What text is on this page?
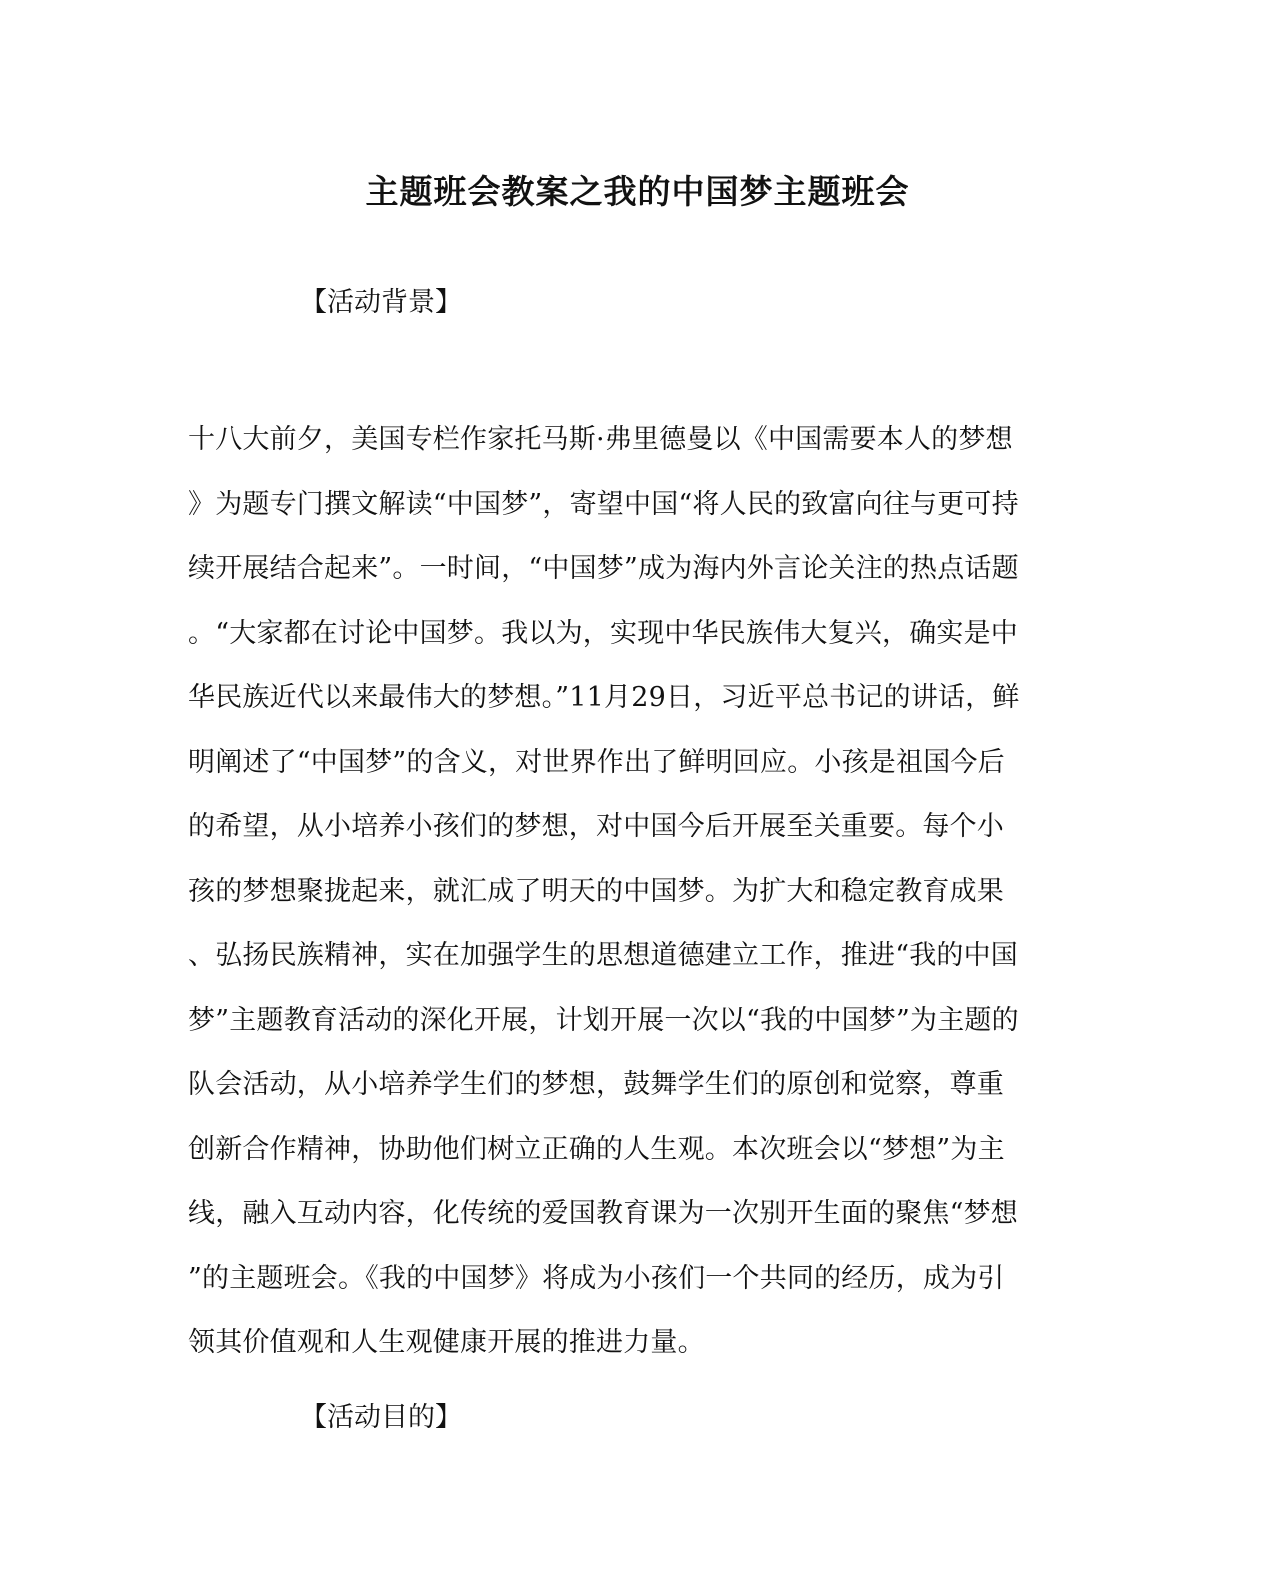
主题班会教案之我的中国梦主题班会
【活动背景】
十八大前夕，美国专栏作家托马斯·弗里德曼以《中国需要本人的梦想
》为题专门撰文解读“中国梦”，寄望中国“将人民的致富向往与更可持
续开展结合起来”。一时间，“中国梦”成为海内外言论关注的热点话题
。“大家都在讨论中国梦。我以为，实现中华民族伟大复兴，确实是中
华民族近代以来最伟大的梦想。”11月29日，习近平总书记的讲话，鲜
明阐述了“中国梦”的含义，对世界作出了鲜明回应。小孩是祖国今后
的希望，从小培养小孩们的梦想，对中国今后开展至关重要。每个小
孩的梦想聚拢起来，就汇成了明天的中国梦。为扩大和稳定教育成果
、弘扬民族精神，实在加强学生的思想道德建立工作，推进“我的中国
梦”主题教育活动的深化开展，计划开展一次以“我的中国梦”为主题的
队会活动，从小培养学生们的梦想，鼓舞学生们的原创和觉察，尊重
创新合作精神，协助他们树立正确的人生观。本次班会以“梦想”为主
线，融入互动内容，化传统的爱国教育课为一次别开生面的聚焦“梦想
”的主题班会。《我的中国梦》将成为小孩们一个共同的经历，成为引
领其价值观和人生观健康开展的推进力量。
【活动目的】
